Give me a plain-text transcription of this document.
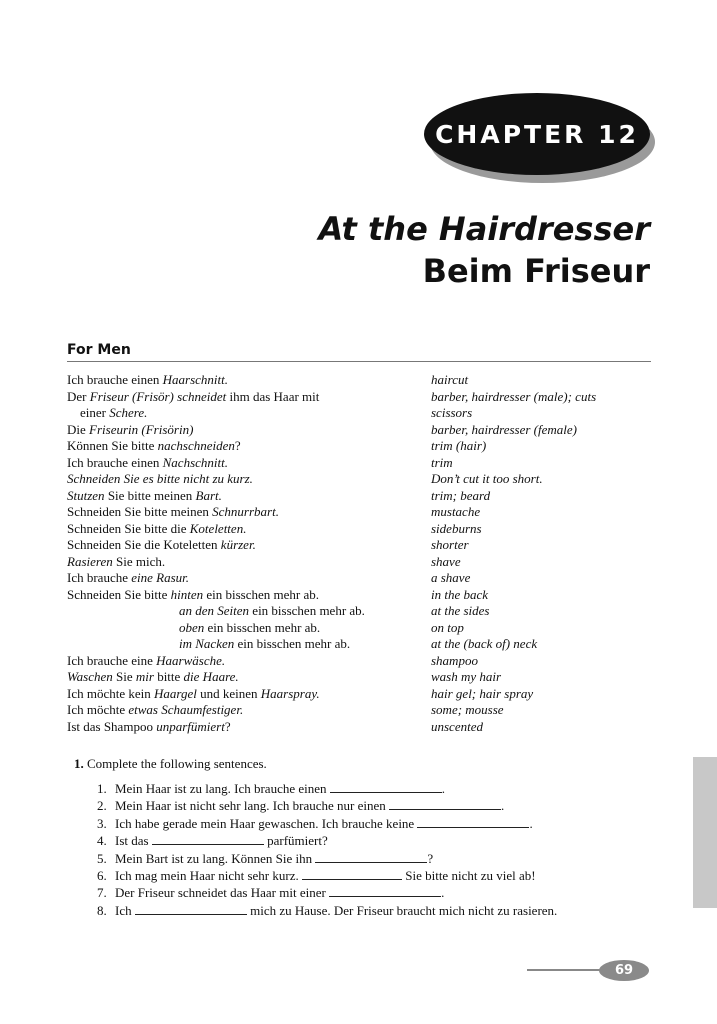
CHAPTER 12
At the Hairdresser
Beim Friseur
For Men
Ich brauche einen Haarschnitt.	haircut
Der Friseur (Frisör) schneidet ihm das Haar mit	barber, hairdresser (male); cuts
einer Schere.	scissors
Die Friseurin (Frisörin)	barber, hairdresser (female)
Können Sie bitte nachschneiden?	trim (hair)
Ich brauche einen Nachschnitt.	trim
Schneiden Sie es bitte nicht zu kurz.	Don’t cut it too short.
Stutzen Sie bitte meinen Bart.	trim; beard
Schneiden Sie bitte meinen Schnurrbart.	mustache
Schneiden Sie bitte die Koteletten.	sideburns
Schneiden Sie die Koteletten kürzer.	shorter
Rasieren Sie mich.	shave
Ich brauche eine Rasur.	a shave
Schneiden Sie bitte hinten ein bisschen mehr ab.	in the back
an den Seiten ein bisschen mehr ab.	at the sides
oben ein bisschen mehr ab.	on top
im Nacken ein bisschen mehr ab.	at the (back of) neck
Ich brauche eine Haarwäsche.	shampoo
Waschen Sie mir bitte die Haare.	wash my hair
Ich möchte kein Haargel und keinen Haarspray.	hair gel; hair spray
Ich möchte etwas Schaumfestiger.	some; mousse
Ist das Shampoo unparfümiert?	unscented
1. Complete the following sentences.
1. Mein Haar ist zu lang. Ich brauche einen	.
2. Mein Haar ist nicht sehr lang. Ich brauche nur einen	.
3. Ich habe gerade mein Haar gewaschen. Ich brauche keine	.
4. Ist das	parfümiert?
5. Mein Bart ist zu lang. Können Sie ihn	?
6. Ich mag mein Haar nicht sehr kurz.	Sie bitte nicht zu viel ab!
7. Der Friseur schneidet das Haar mit einer	.
8. Ich	mich zu Hause. Der Friseur braucht mich nicht zu rasieren.
69
